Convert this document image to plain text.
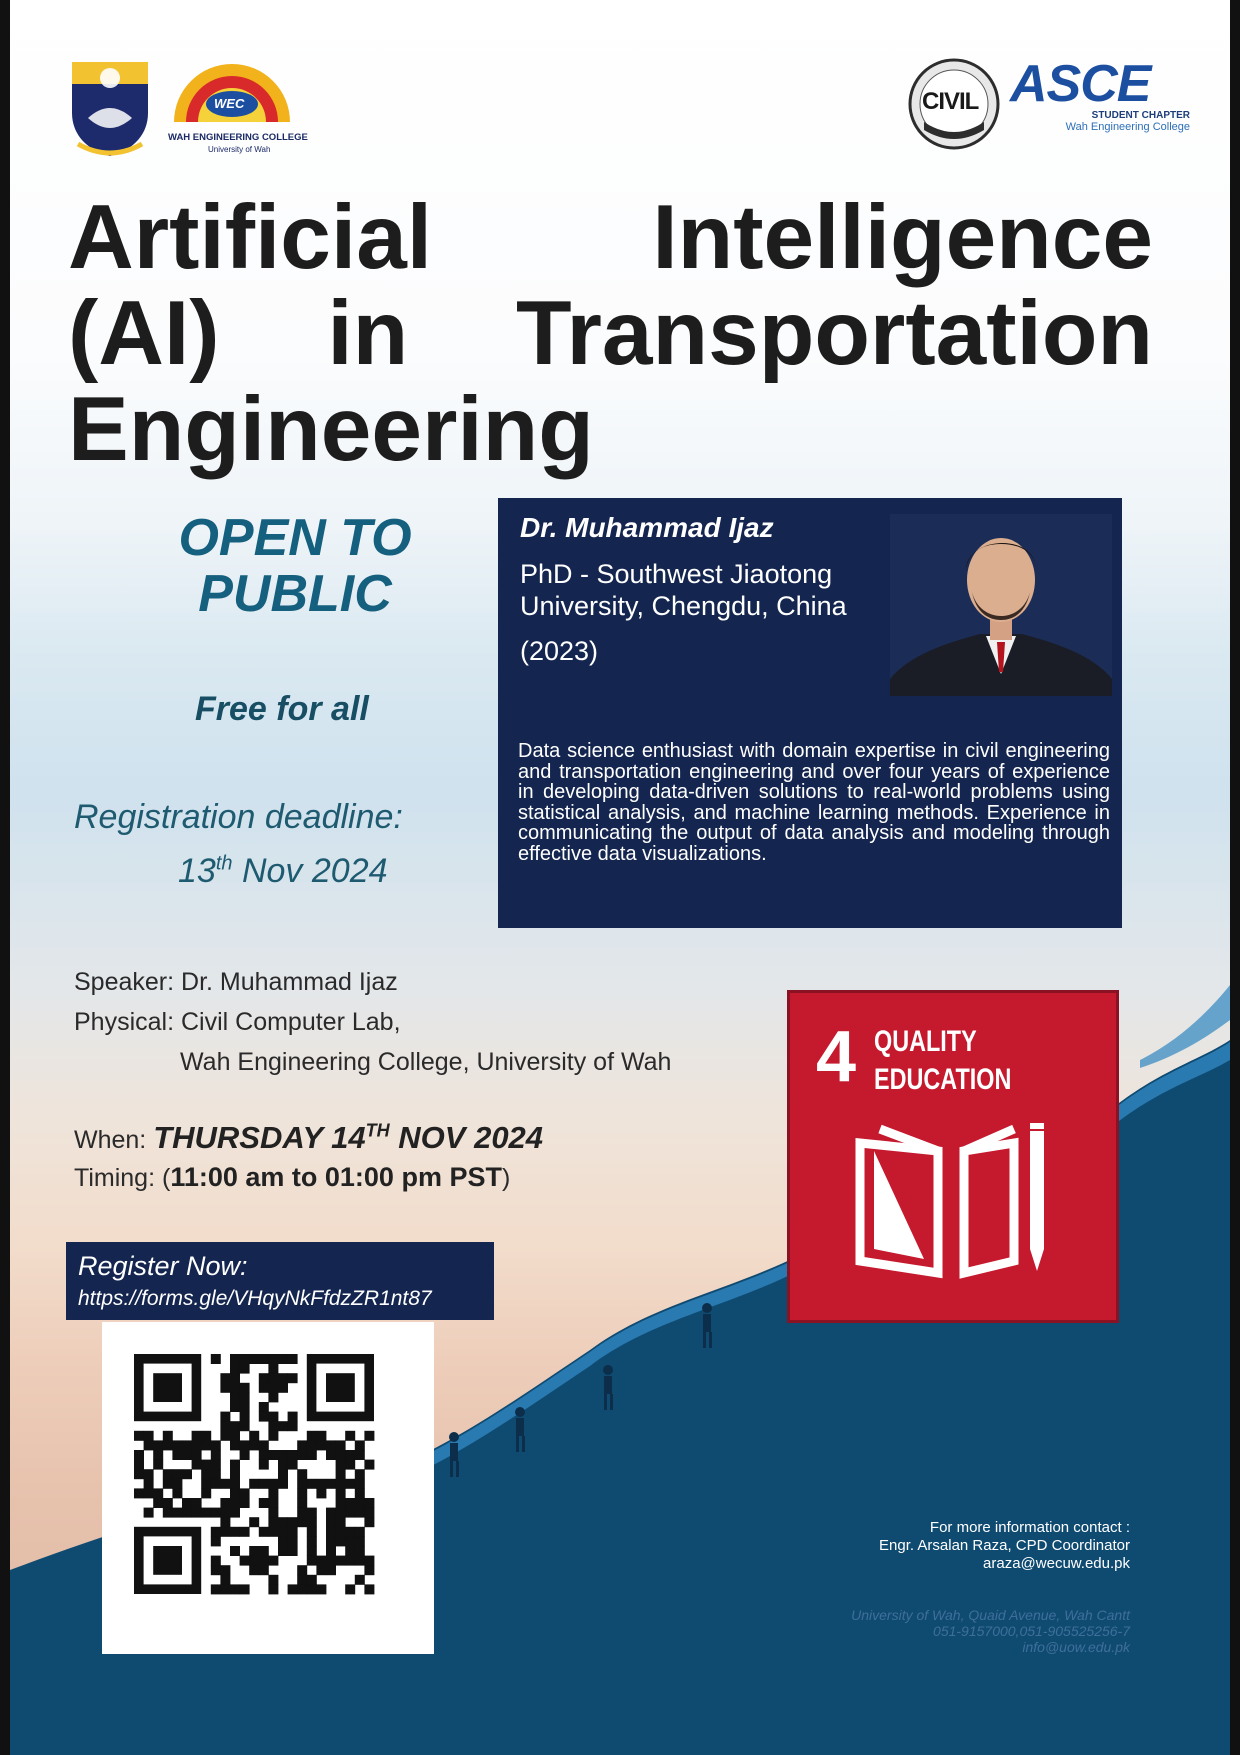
WEC
WAH ENGINEERING COLLEGE
University of Wah
CIVIL ASCE
STUDENT CHAPTER
Wah Engineering College
Artificial Intelligence
(AI) in Transportation
Engineering
OPEN TO
PUBLIC
Free for all
Registration deadline:
13th Nov 2024
Dr. Muhammad Ijaz
PhD - Southwest Jiaotong University, Chengdu, China
(2023)
Data science enthusiast with domain expertise in civil engineering and transportation engineering and over four years of experience in developing data-driven solutions to real-world problems using statistical analysis, and machine learning methods. Experience in communicating the output of data analysis and modeling through effective data visualizations.
Speaker: Dr. Muhammad Ijaz
Physical: Civil Computer Lab,
Wah Engineering College, University of Wah
When: THURSDAY 14TH NOV 2024
Timing: (11:00 am to 01:00 pm PST)
Register Now:
https://forms.gle/VHqyNkFfdzZR1nt87
4 QUALITY
EDUCATION
For more information contact :
Engr. Arsalan Raza, CPD Coordinator
araza@wecuw.edu.pk
University of Wah, Quaid Avenue, Wah Cantt
051-9157000,051-905525256-7
info@uow.edu.pk
